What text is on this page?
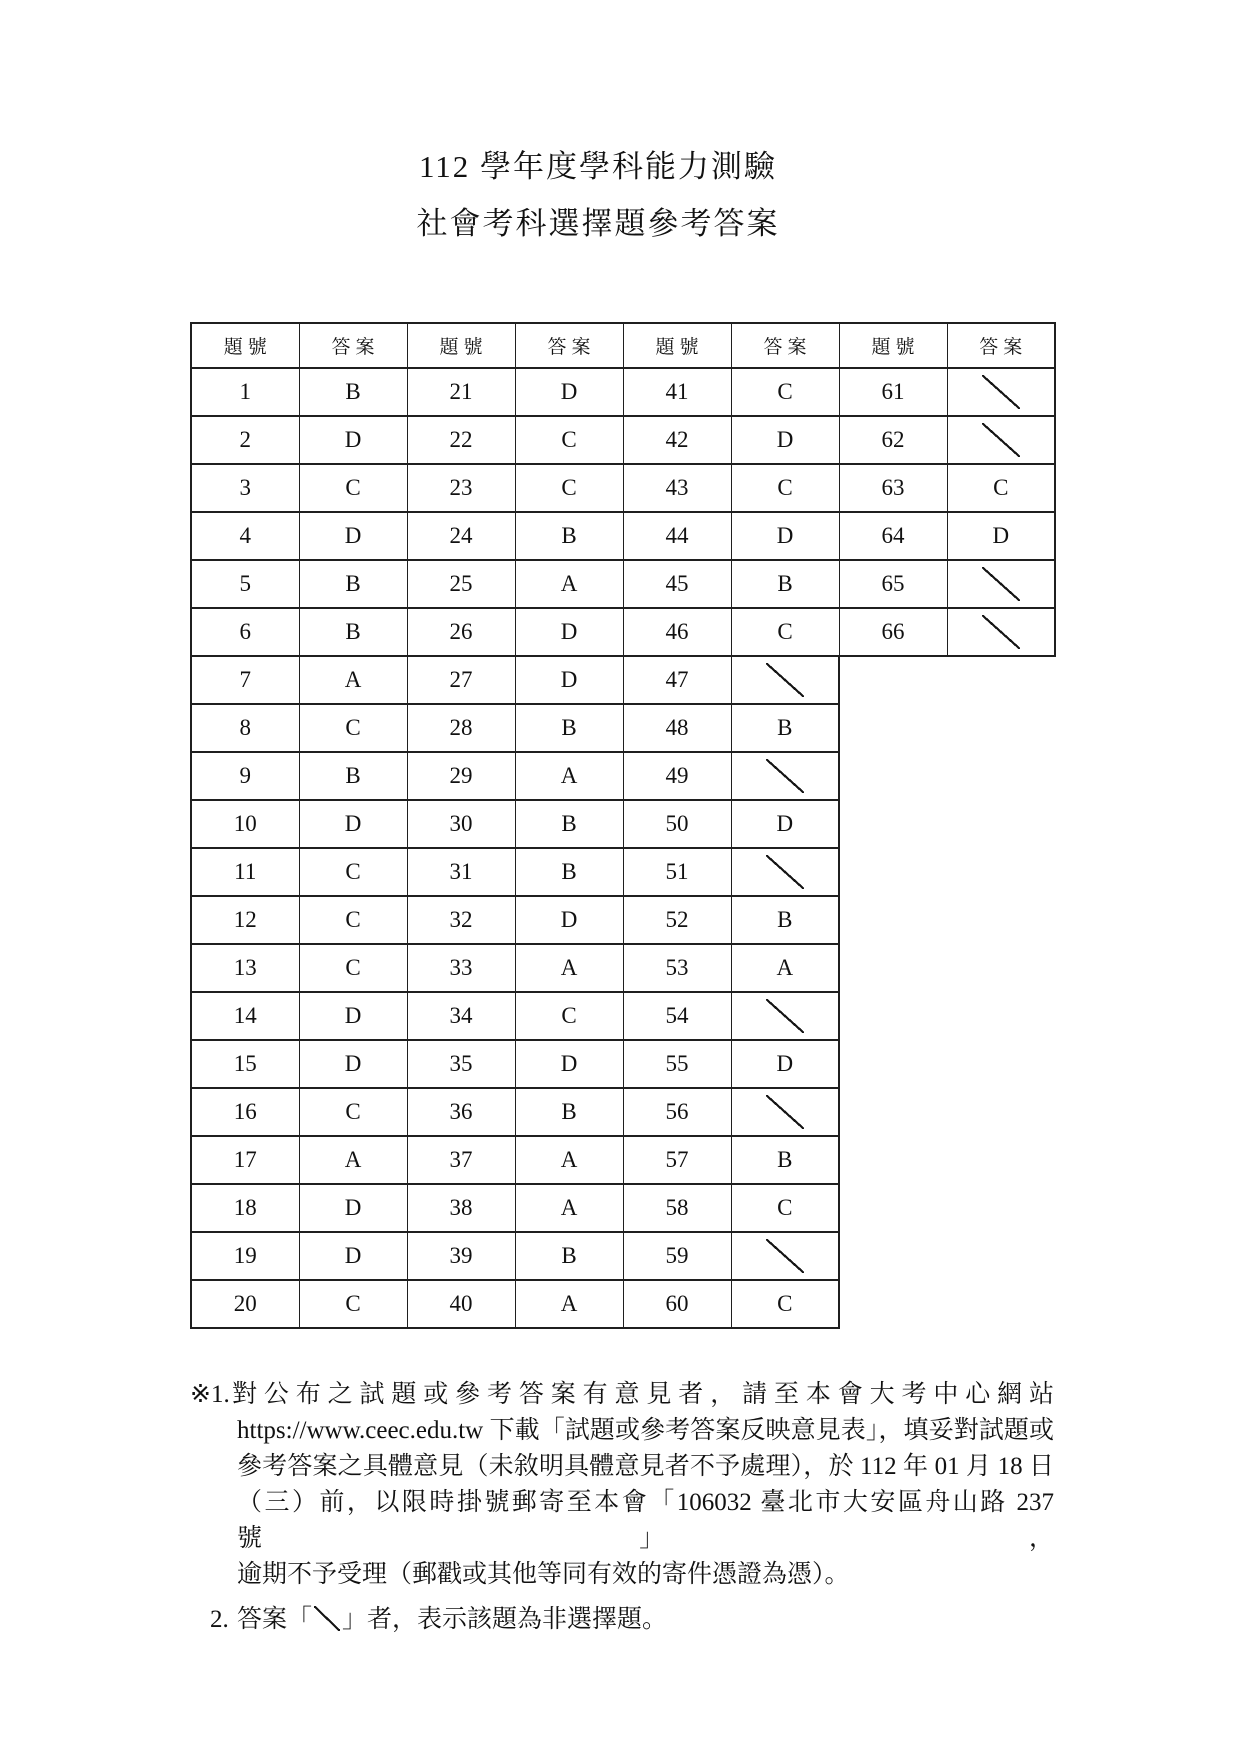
112 學年度學科能力測驗
社會考科選擇題參考答案
題號	答案	題號	答案	題號	答案	題號	答案
1	B	21	D	41	C	61	
2	D	22	C	42	D	62	
3	C	23	C	43	C	63	C
4	D	24	B	44	D	64	D
5	B	25	A	45	B	65	
6	B	26	D	46	C	66	
7	A	27	D	47	
8	C	28	B	48	B
9	B	29	A	49	
10	D	30	B	50	D
11	C	31	B	51	
12	C	32	D	52	B
13	C	33	A	53	A
14	D	34	C	54	
15	D	35	D	55	D
16	C	36	B	56	
17	A	37	A	57	B
18	D	38	A	58	C
19	D	39	B	59	
20	C	40	A	60	C
※1. 對公布之試題或參考答案有意見者，請至本會大考中心網站
https://www.ceec.edu.tw 下載「試題或參考答案反映意見表」，填妥對試題或
參考答案之具體意見（未敘明具體意見者不予處理），於 112 年 01 月 18 日
（三）前，以限時掛號郵寄至本會「106032 臺北市大安區舟山路 237 號」，
逾期不予受理（郵戳或其他等同有效的寄件憑證為憑）。
2. 答案「 」者，表示該題為非選擇題。
